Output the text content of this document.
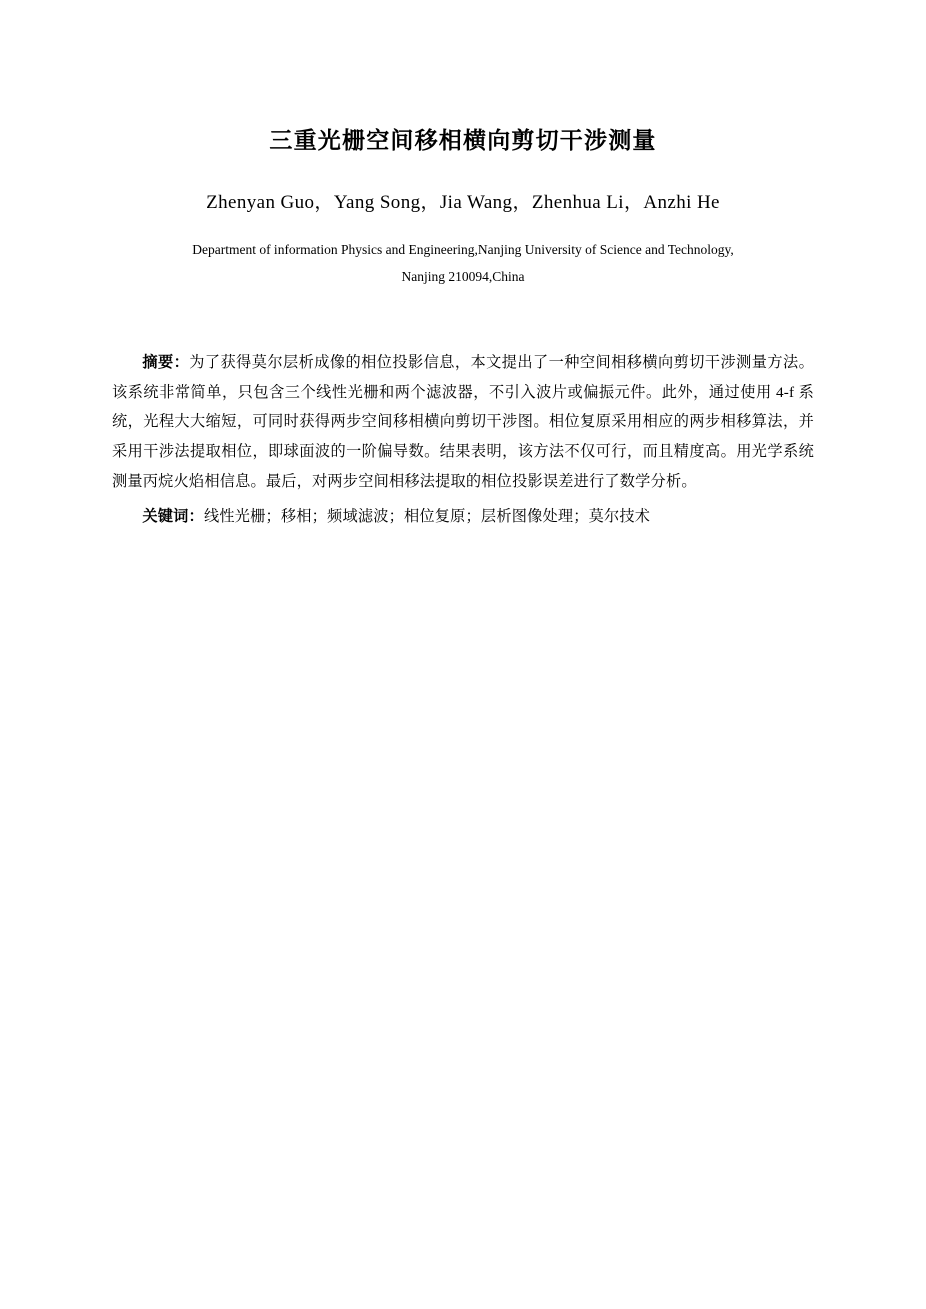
三重光栅空间移相横向剪切干涉测量
Zhenyan Guo，Yang Song，Jia Wang，Zhenhua Li，Anzhi He
Department of information Physics and Engineering,Nanjing University of Science and Technology,
Nanjing 210094,China

摘要：为了获得莫尔层析成像的相位投影信息，本文提出了一种空间相移横向剪切干涉测量方法。该系统非常简单，只包含三个线性光栅和两个滤波器，不引入波片或偏振元件。此外，通过使用 4-f 系统，光程大大缩短，可同时获得两步空间移相横向剪切干涉图。相位复原采用相应的两步相移算法，并采用干涉法提取相位，即球面波的一阶偏导数。结果表明，该方法不仅可行，而且精度高。用光学系统测量丙烷火焰相信息。最后，对两步空间相移法提取的相位投影误差进行了数学分析。

关键词：线性光栅；移相；频域滤波；相位复原；层析图像处理；莫尔技术
